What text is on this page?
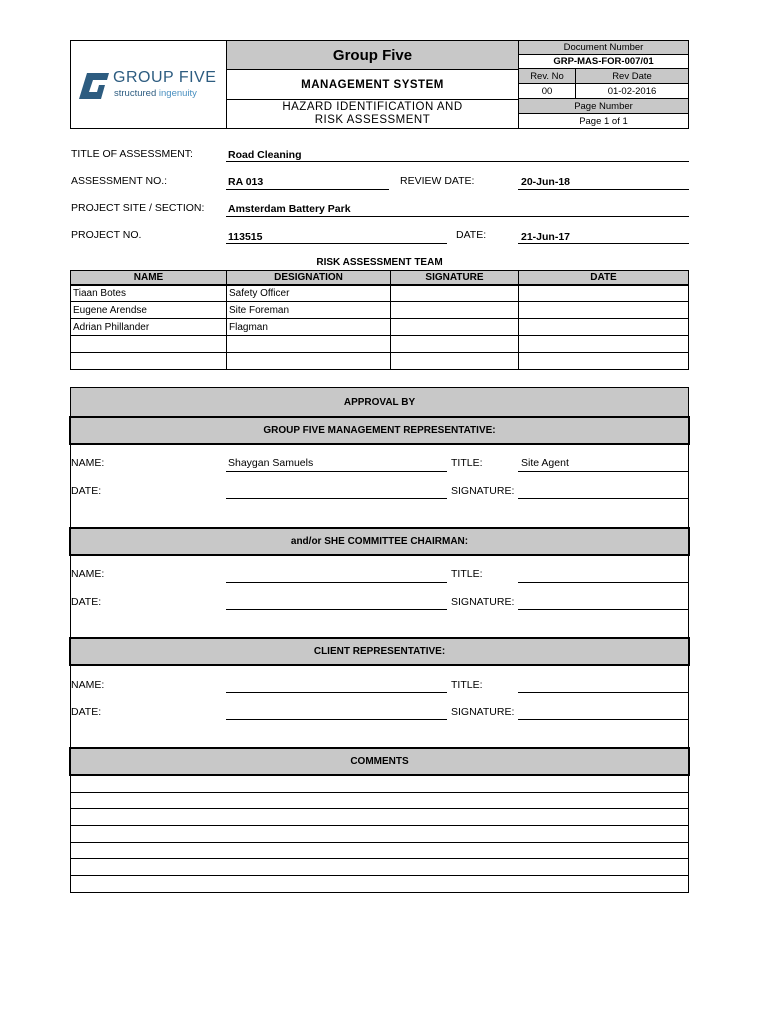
GROUP FIVE
structured ingenuity
Group Five
MANAGEMENT SYSTEM
HAZARD IDENTIFICATION AND RISK ASSESSMENT
Document Number
GRP-MAS-FOR-007/01
Rev. No	Rev Date
00	01-02-2016
Page Number
Page 1 of 1
TITLE OF ASSESSMENT:	Road Cleaning
ASSESSMENT NO.:	RA 013	REVIEW DATE:	20-Jun-18
PROJECT SITE / SECTION: Amsterdam Battery Park
PROJECT NO.	113515	DATE:	21-Jun-17
RISK ASSESSMENT TEAM
NAME	DESIGNATION	SIGNATURE	DATE
Tiaan Botes	Safety Officer
Eugene Arendse	Site Foreman
Adrian Phillander	Flagman
APPROVAL BY
GROUP FIVE MANAGEMENT REPRESENTATIVE:
NAME:	Shaygan Samuels	TITLE:	Site Agent
DATE:	SIGNATURE:
and/or SHE COMMITTEE CHAIRMAN:
NAME:	TITLE:
DATE:	SIGNATURE:
CLIENT REPRESENTATIVE:
NAME:	TITLE:
DATE:	SIGNATURE:
COMMENTS
